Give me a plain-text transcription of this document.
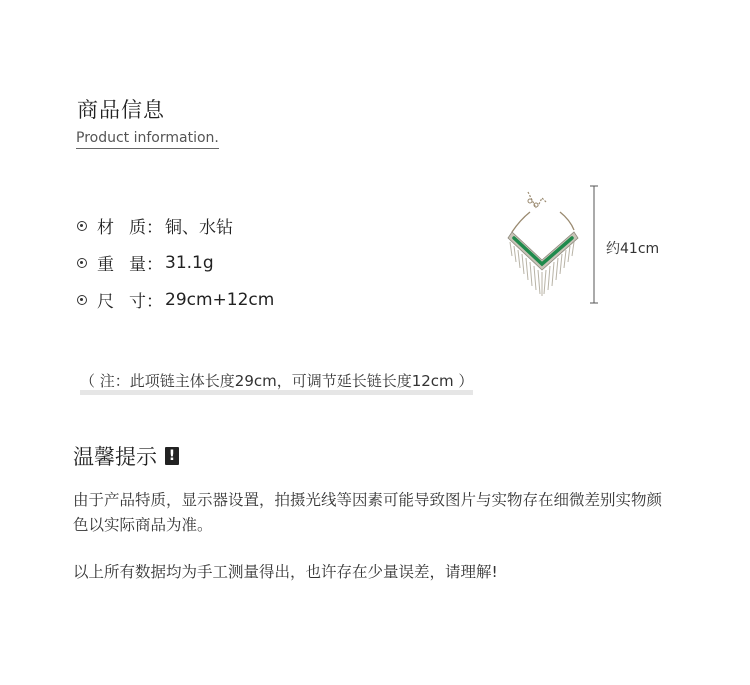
商品信息
Product information.
材 质： 铜、水钻
重 量： 31.1g
尺 寸： 29cm+12cm
约41cm
（ 注：此项链主体长度29cm，可调节延长链长度12cm ）
温馨提示 !
由于产品特质，显示器设置，拍摄光线等因素可能导致图片与实物存在细微差别实物颜色以实际商品为准。
以上所有数据均为手工测量得出，也许存在少量误差，请理解!
